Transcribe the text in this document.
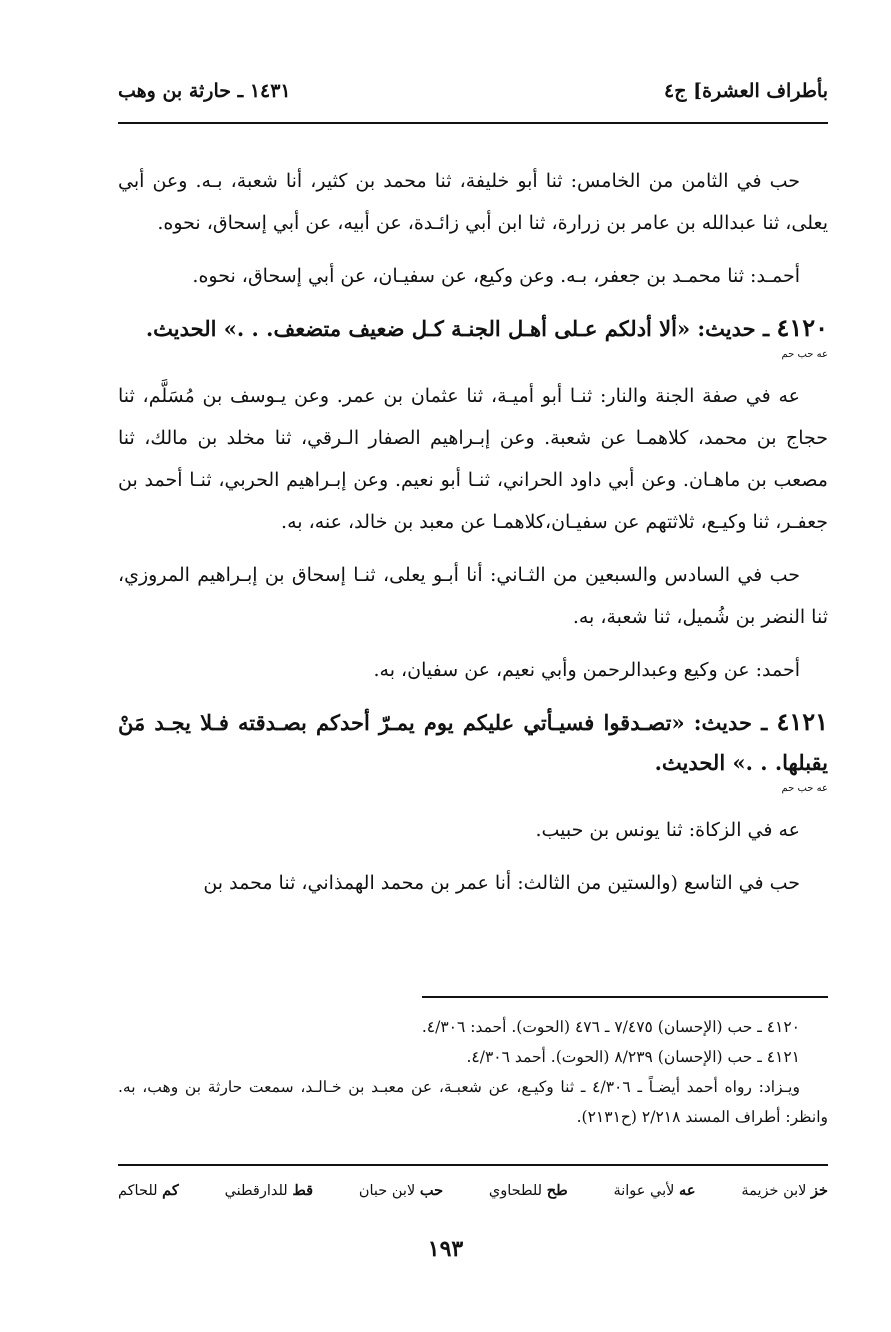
بأطراف العشرة] ج٤
١٤٣١ ـ حارثة بن وهب

حب في الثامن من الخامس: ثنا أبو خليفة، ثنا محمد بن كثير، أنا شعبة، بـه. وعن أبي يعلى، ثنا عبدالله بن عامر بن زرارة، ثنا ابن أبي زائـدة، عن أبيه، عن أبي إسحاق، نحوه.

أحمـد: ثنا محمـد بن جعفر، بـه. وعن وكيع، عن سفيـان، عن أبي إسحاق، نحوه.

٤١٢٠ ـ حديث: «ألا أدلكم عـلى أهـل الجنـة كـل ضعيف متضعف. . .» الحديث.
عه حب حم

عه في صفة الجنة والنار: ثنـا أبو أميـة، ثنا عثمان بن عمر. وعن يـوسف بن مُسَلَّم، ثنا حجاج بن محمد، كلاهمـا عن شعبة. وعن إبـراهيم الصفار الـرقي، ثنا مخلد بن مالك، ثنا مصعب بن ماهـان. وعن أبي داود الحراني، ثنـا أبو نعيم. وعن إبـراهيم الحربي، ثنـا أحمد بن جعفـر، ثنا وكيـع، ثلاثتهم عن سفيـان،كلاهمـا عن معبد بن خالد، عنه، به.

حب في السادس والسبعين من الثـاني: أنا أبـو يعلى، ثنـا إسحاق بن إبـراهيم المروزي، ثنا النضر بن شُميل، ثنا شعبة، به.

أحمد: عن وكيع وعبدالرحمن وأبي نعيم، عن سفيان، به.

٤١٢١ ـ حديث: «تصـدقوا فسيـأتي عليكم يوم يمـرّ أحدكم بصـدقته فـلا يجـد مَنْ يقبلها. . .» الحديث.
عه حب حم

عه في الزكاة: ثنا يونس بن حبيب.

حب في التاسع (والستين من الثالث: أنا عمر بن محمد الهمذاني، ثنا محمد بن

٤١٢٠ ـ حب (الإحسان) ٧/٤٧٥ ـ ٤٧٦ (الحوت). أحمد: ٤/٣٠٦.

٤١٢١ ـ حب (الإحسان) ٨/٢٣٩ (الحوت). أحمد ٤/٣٠٦.

ويـزاد: رواه أحمد أيضـاً ـ ٤/٣٠٦ ـ ثنا وكيـع، عن شعبـة، عن معبـد بن خـالـد، سمعت حارثة بن وهب، به. وانظر: أطراف المسند ٢/٢١٨ (ح٢١٣١).

خز لابن خزيمة
عه لأبي عوانة
طح للطحاوي
حب لابن حبان
قط للدارقطني
كم للحاكم
١٩٣
